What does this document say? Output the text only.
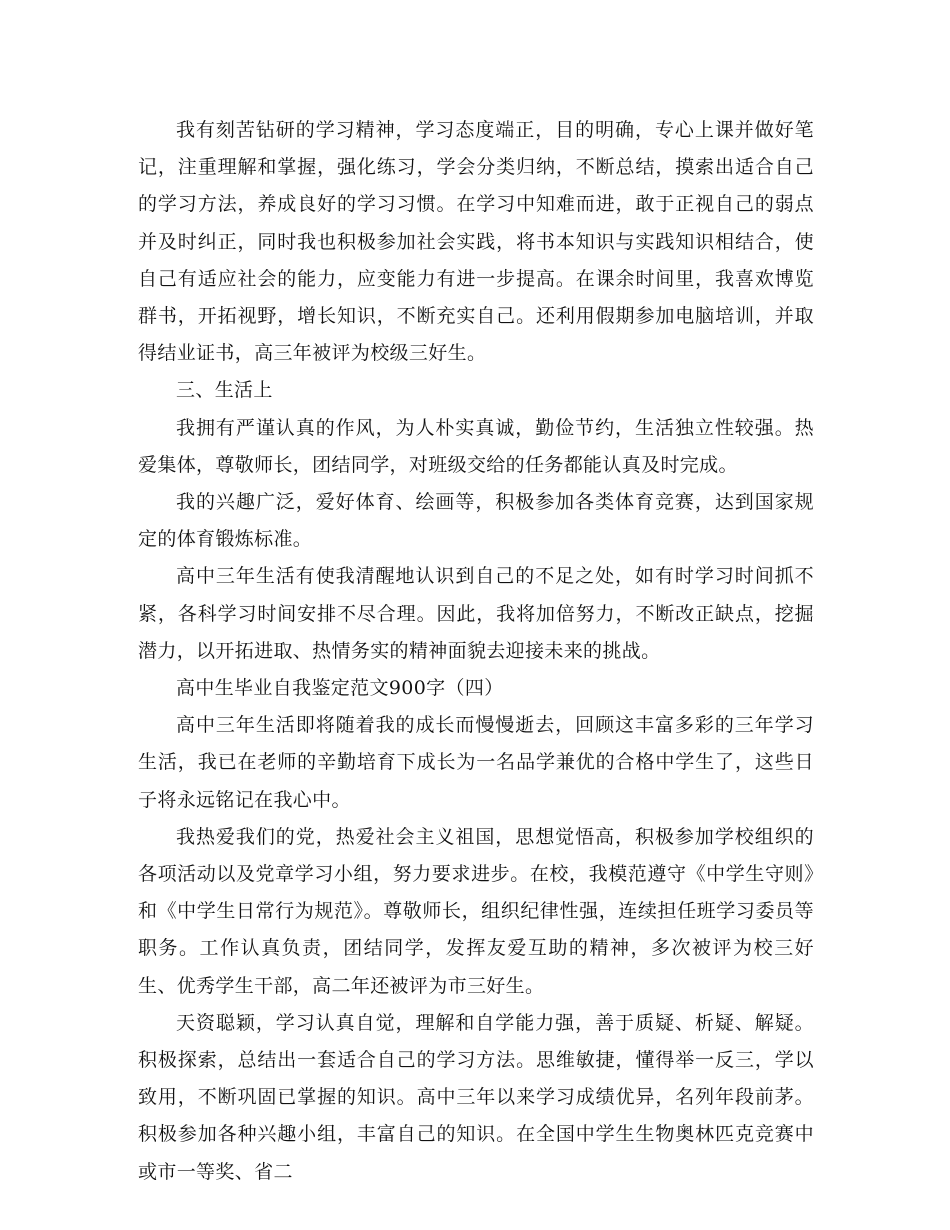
我有刻苦钻研的学习精神，学习态度端正，目的明确，专心上课并做好笔记，注重理解和掌握，强化练习，学会分类归纳，不断总结，摸索出适合自己的学习方法，养成良好的学习习惯。在学习中知难而进，敢于正视自己的弱点并及时纠正，同时我也积极参加社会实践，将书本知识与实践知识相结合，使自己有适应社会的能力，应变能力有进一步提高。在课余时间里，我喜欢博览群书，开拓视野，增长知识，不断充实自己。还利用假期参加电脑培训，并取得结业证书，高三年被评为校级三好生。

三、生活上

我拥有严谨认真的作风，为人朴实真诚，勤俭节约，生活独立性较强。热爱集体，尊敬师长，团结同学，对班级交给的任务都能认真及时完成。

我的兴趣广泛，爱好体育、绘画等，积极参加各类体育竞赛，达到国家规定的体育锻炼标准。

高中三年生活有使我清醒地认识到自己的不足之处，如有时学习时间抓不紧，各科学习时间安排不尽合理。因此，我将加倍努力，不断改正缺点，挖掘潜力，以开拓进取、热情务实的精神面貌去迎接未来的挑战。

高中生毕业自我鉴定范文900字（四）

高中三年生活即将随着我的成长而慢慢逝去，回顾这丰富多彩的三年学习生活，我已在老师的辛勤培育下成长为一名品学兼优的合格中学生了，这些日子将永远铭记在我心中。

我热爱我们的党，热爱社会主义祖国，思想觉悟高，积极参加学校组织的各项活动以及党章学习小组，努力要求进步。在校，我模范遵守《中学生守则》和《中学生日常行为规范》。尊敬师长，组织纪律性强，连续担任班学习委员等职务。工作认真负责，团结同学，发挥友爱互助的精神，多次被评为校三好生、优秀学生干部，高二年还被评为市三好生。

天资聪颖，学习认真自觉，理解和自学能力强，善于质疑、析疑、解疑。积极探索，总结出一套适合自己的学习方法。思维敏捷，懂得举一反三，学以致用，不断巩固已掌握的知识。高中三年以来学习成绩优异，名列年段前茅。积极参加各种兴趣小组，丰富自己的知识。在全国中学生生物奥林匹克竞赛中或市一等奖、省二
